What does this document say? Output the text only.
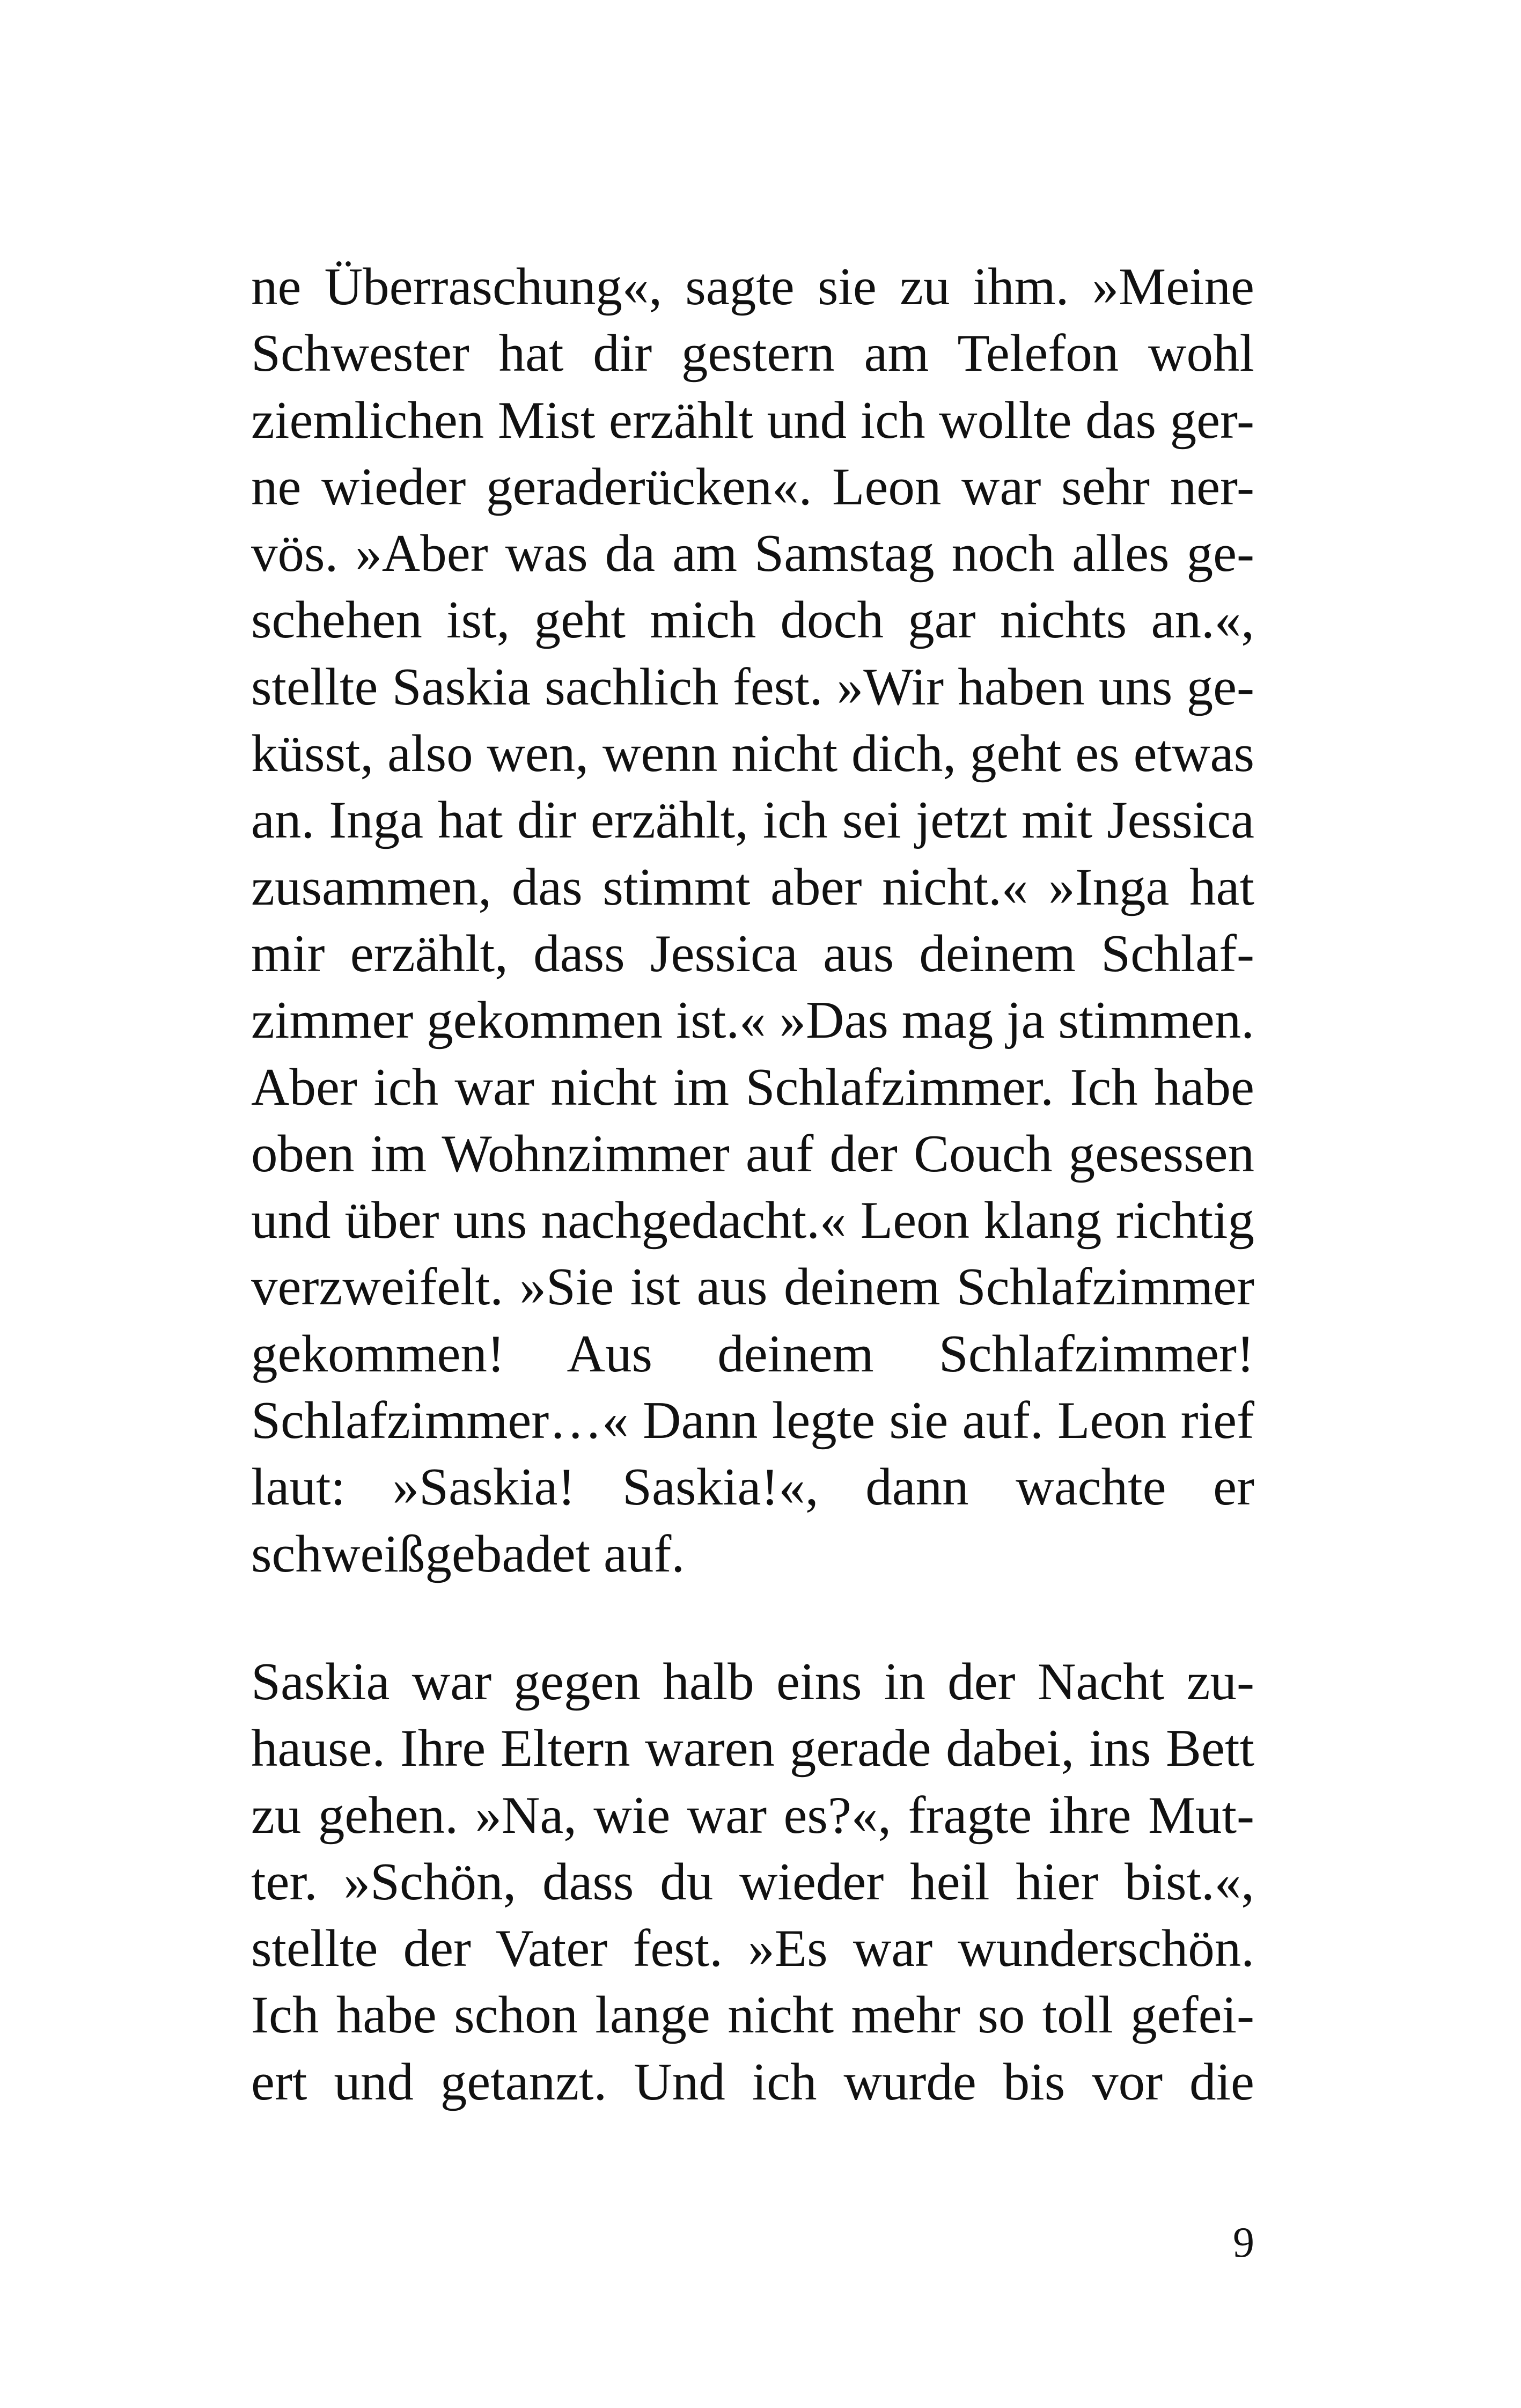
ne Überraschung«, sagte sie zu ihm. »Meine
Schwester hat dir gestern am Telefon wohl
ziemlichen Mist erzählt und ich wollte das ger-
ne wieder geraderücken«. Leon war sehr ner-
vös. »Aber was da am Samstag noch alles ge-
schehen ist, geht mich doch gar nichts an.«,
stellte Saskia sachlich fest. »Wir haben uns ge-
küsst, also wen, wenn nicht dich, geht es etwas
an. Inga hat dir erzählt, ich sei jetzt mit Jessica
zusammen, das stimmt aber nicht.« »Inga hat
mir erzählt, dass Jessica aus deinem Schlaf-
zimmer gekommen ist.« »Das mag ja stimmen.
Aber ich war nicht im Schlafzimmer. Ich habe
oben im Wohnzimmer auf der Couch gesessen
und über uns nachgedacht.« Leon klang richtig
verzweifelt. »Sie ist aus deinem Schlafzimmer
gekommen! Aus deinem Schlafzimmer!
Schlafzimmer…« Dann legte sie auf. Leon rief
laut: »Saskia! Saskia!«, dann wachte er
schweißgebadet auf.
Saskia war gegen halb eins in der Nacht zu-
hause. Ihre Eltern waren gerade dabei, ins Bett
zu gehen. »Na, wie war es?«, fragte ihre Mut-
ter. »Schön, dass du wieder heil hier bist.«,
stellte der Vater fest. »Es war wunderschön.
Ich habe schon lange nicht mehr so toll gefei-
ert und getanzt. Und ich wurde bis vor die
9
